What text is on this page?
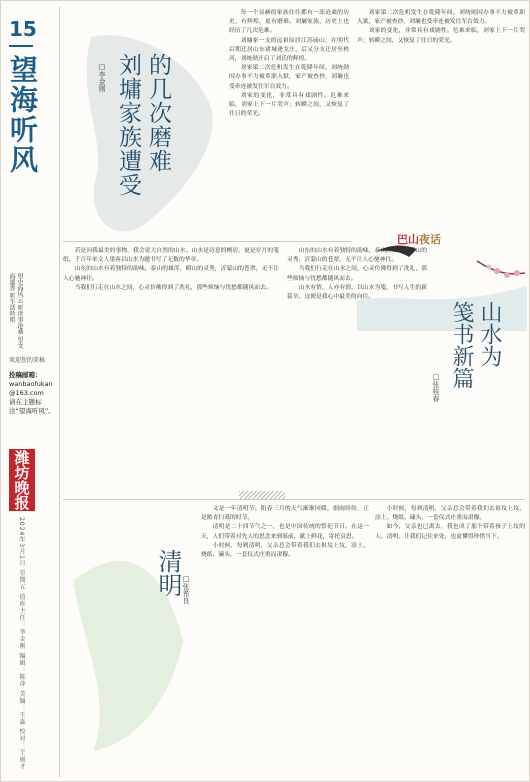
15
望海听风
望史海风云 听世事沧桑 望文海墨香 听生活吟唱
欢迎您的来稿
投稿邮箱：
wanbaofukan@163.com
请在主题标注“望海听风”。
潍坊晚报
2024年3月1日 星期五 值班主任：李金刚 编辑：陈萍 美编：王淼 校对：王丽才
的几次磨难
刘墉家族遭受
□李金刚

每一个显赫的家族往往都有一部沧桑的历史，有辉煌，更有磨难。刘墉家族，历史上也经历了几次危难。

刘墉家一支的远祖原居江苏砀山，在明代后期迁居山东诸城逄戈庄，后又分支迁居至槎河，刘统勋开启了刘氏的辉煌。

刘家第二次危机发生在乾隆年间，刘统勋因办事不力被革职入狱，家产被查抄，刘墉也受牵连被发往军台效力。

刘家的变化，非常具有戏剧性。危难来临，刘家上下一片哭声；转瞬之间，又恢复了往日的荣光。

刘家第二次危机发生在乾隆年间，刘统勋因办事不力被革职入狱，家产被查抄，刘墉也受牵连被发往军台效力。

刘家的变化，非常具有戏剧性。危难来临，刘家上下一片哭声；转瞬之间，又恢复了往日的荣光。

巴山夜话

若是问我最美的事物，我会说大自然的山水。山水是诗意的栖居，更是岁月的笺纸，千百年来文人墨客以山水为题书写了无数的华章。

山东的山水有着独特的韵味，泰山的雄浑，崂山的灵秀，沂蒙山的苍翠，无不让人心驰神往。

当我们行走在山水之间，心灵仿佛得到了洗礼，那些烦恼与忧愁都随风而去。

山东的山水有着独特的韵味，泰山的雄浑，崂山的灵秀，沂蒙山的苍翠，无不让人心驰神往。

当我们行走在山水之间，心灵仿佛得到了洗礼，那些烦恼与忧愁都随风而去。

山水有情，人亦有情。以山水为笺，书写人生的新篇章，这便是我心中最美的向往。

山水为
笺书新篇
□张桂春
清明 □张希良

又是一年清明节。阳春三月的天气渐渐回暖，细雨纷纷，正是踏青扫墓的时节。

清明是二十四节气之一，也是中国传统的祭祀节日。在这一天，人们带着对先人的思念来到墓前，献上鲜花，寄托哀思。

小时候，每到清明，父亲总会带着我们去祖坟上坟，添土、烧纸、磕头，一套仪式庄重而肃穆。

小时候，每到清明，父亲总会带着我们去祖坟上坟，添土、烧纸、磕头，一套仪式庄重而肃穆。

如今，父亲也已离去，我也成了那个带着孩子上坟的人。清明，让我们记住来处，也更懂得珍惜当下。
